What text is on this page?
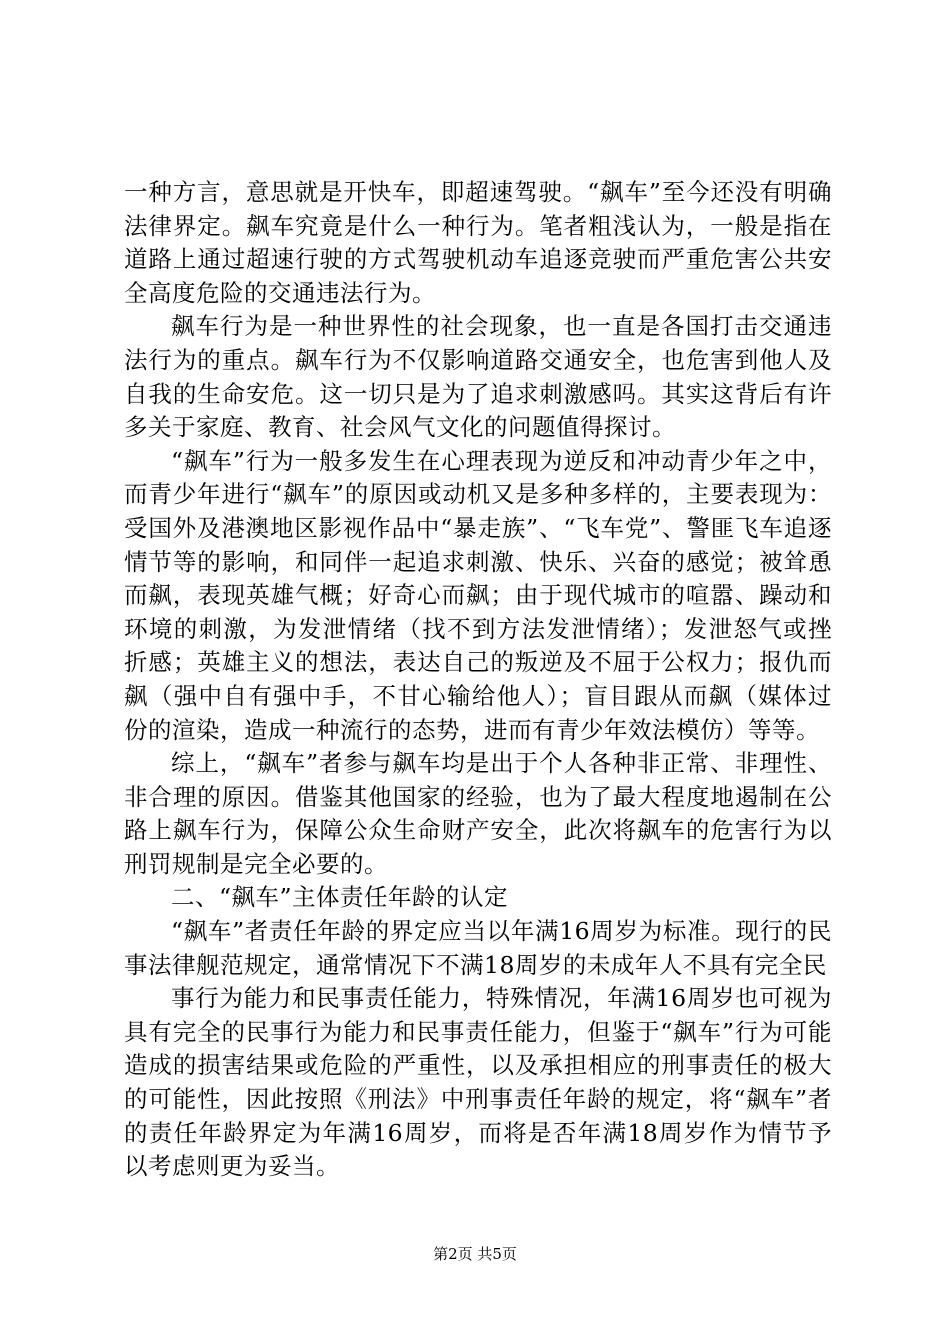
一种方言，意思就是开快车，即超速驾驶。“飙车”至今还没有明确法律界定。飙车究竟是什么一种行为。笔者粗浅认为，一般是指在道路上通过超速行驶的方式驾驶机动车追逐竞驶而严重危害公共安全高度危险的交通违法行为。

飙车行为是一种世界性的社会现象，也一直是各国打击交通违法行为的重点。飙车行为不仅影响道路交通安全，也危害到他人及自我的生命安危。这一切只是为了追求刺激感吗。其实这背后有许多关于家庭、教育、社会风气文化的问题值得探讨。

“飙车”行为一般多发生在心理表现为逆反和冲动青少年之中，而青少年进行“飙车”的原因或动机又是多种多样的，主要表现为：受国外及港澳地区影视作品中“暴走族”、“飞车党”、警匪飞车追逐情节等的影响，和同伴一起追求刺激、快乐、兴奋的感觉；被耸恿而飙，表现英雄气概；好奇心而飙；由于现代城市的喧嚣、躁动和环境的刺激，为发泄情绪（找不到方法发泄情绪）；发泄怒气或挫折感；英雄主义的想法，表达自己的叛逆及不屈于公权力；报仇而飙（强中自有强中手，不甘心输给他人）；盲目跟从而飙（媒体过份的渲染，造成一种流行的态势，进而有青少年效法模仿）等等。

综上，“飙车”者参与飙车均是出于个人各种非正常、非理性、非合理的原因。借鉴其他国家的经验，也为了最大程度地遏制在公路上飙车行为，保障公众生命财产安全，此次将飙车的危害行为以刑罚规制是完全必要的。

二、“飙车”主体责任年龄的认定

“飙车”者责任年龄的界定应当以年满16周岁为标准。现行的民事法律舰范规定，通常情况下不满18周岁的未成年人不具有完全民

事行为能力和民事责任能力，特殊情况，年满16周岁也可视为具有完全的民事行为能力和民事责任能力，但鉴于“飙车”行为可能造成的损害结果或危险的严重性，以及承担相应的刑事责任的极大的可能性，因此按照《刑法》中刑事责任年龄的规定，将“飙车”者的责任年龄界定为年满16周岁，而将是否年满18周岁作为情节予以考虑则更为妥当。

第2页 共5页
